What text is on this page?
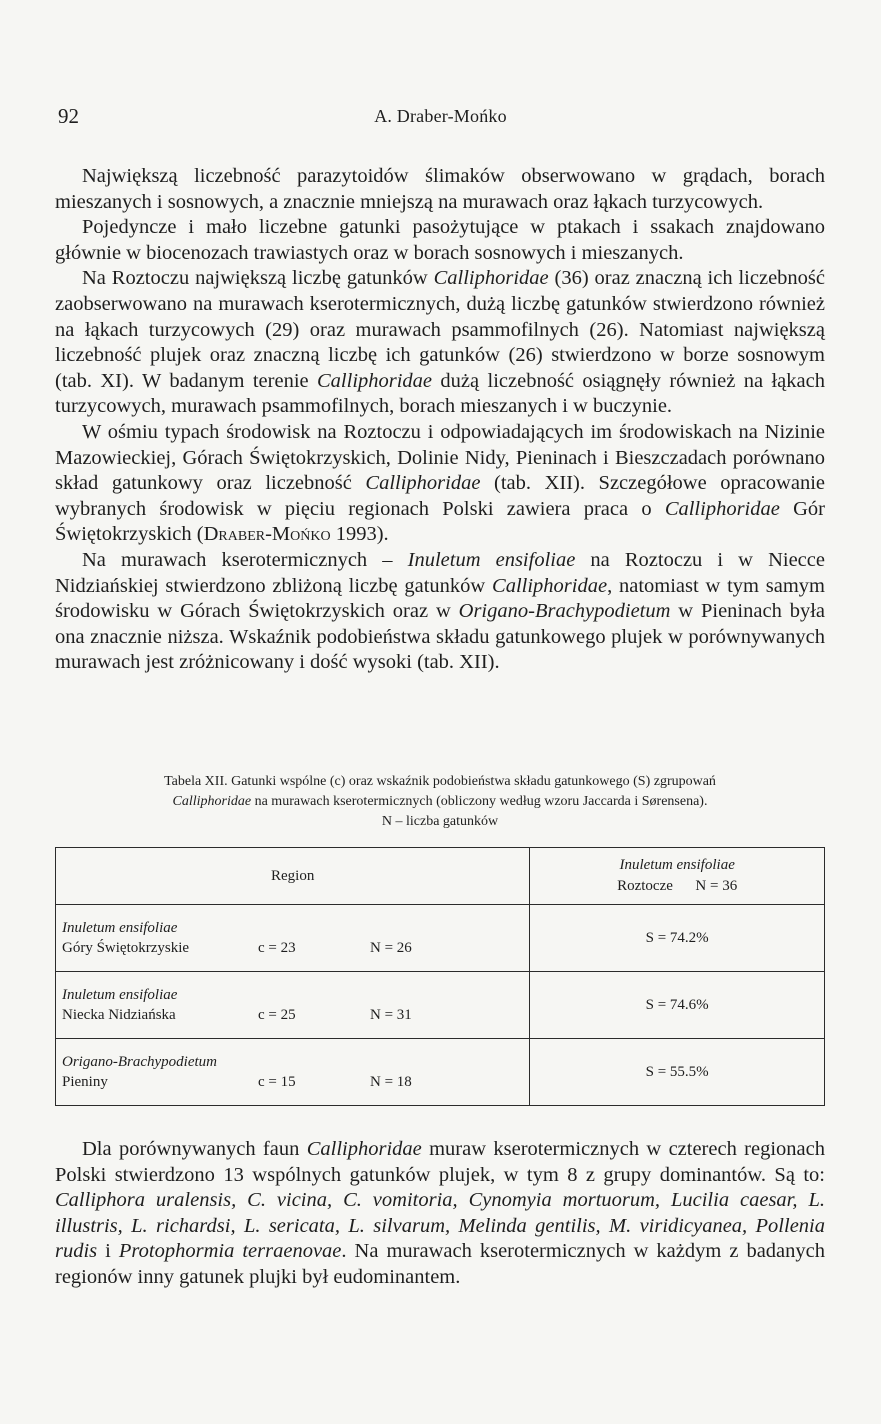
92	A. Draber-Mońko

Największą liczebność parazytoidów ślimaków obserwowano w grądach, borach mieszanych i sosnowych, a znacznie mniejszą na murawach oraz łąkach turzycowych.

Pojedyncze i mało liczebne gatunki pasożytujące w ptakach i ssakach znajdowano głównie w biocenozach trawiastych oraz w borach sosnowych i mieszanych.

Na Roztoczu największą liczbę gatunków Calliphoridae (36) oraz znaczną ich liczebność zaobserwowano na murawach kserotermicznych, dużą liczbę gatunków stwierdzono również na łąkach turzycowych (29) oraz murawach psammofilnych (26). Natomiast największą liczebność plujek oraz znaczną liczbę ich gatunków (26) stwierdzono w borze sosnowym (tab. XI). W badanym terenie Calliphoridae dużą liczebność osiągnęły również na łąkach turzycowych, murawach psammofilnych, borach mieszanych i w buczynie.

W ośmiu typach środowisk na Roztoczu i odpowiadających im środowiskach na Nizinie Mazowieckiej, Górach Świętokrzyskich, Dolinie Nidy, Pieninach i Bieszczadach porównano skład gatunkowy oraz liczebność Calliphoridae (tab. XII). Szczegółowe opracowanie wybranych środowisk w pięciu regionach Polski zawiera praca o Calliphoridae Gór Świętokrzyskich (Draber-Mońko 1993).

Na murawach kserotermicznych – Inuletum ensifoliae na Roztoczu i w Niecce Nidziańskiej stwierdzono zbliżoną liczbę gatunków Calliphoridae, natomiast w tym samym środowisku w Górach Świętokrzyskich oraz w Origano-Brachypodietum w Pieninach była ona znacznie niższa. Wskaźnik podobieństwa składu gatunkowego plujek w porównywanych murawach jest zróżnicowany i dość wysoki (tab. XII).

Tabela XII. Gatunki wspólne (c) oraz wskaźnik podobieństwa składu gatunkowego (S) zgrupowań
Calliphoridae na murawach kserotermicznych (obliczony według wzoru Jaccarda i Sørensena).
N – liczba gatunków
Region	Inuletum ensifoliae
Roztocze      N = 36

Inuletum ensifoliae
Góry Świętokrzyskie c = 23 N = 26	S = 74.2%

Inuletum ensifoliae
Niecka Nidziańska c = 25 N = 31	S = 74.6%

Origano-Brachypodietum
Pieniny c = 15 N = 18	S = 55.5%

Dla porównywanych faun Calliphoridae muraw kserotermicznych w czterech regionach Polski stwierdzono 13 wspólnych gatunków plujek, w tym 8 z grupy dominantów. Są to: Calliphora uralensis, C. vicina, C. vomitoria, Cynomyia mortuorum, Lucilia caesar, L. illustris, L. richardsi, L. sericata, L. silvarum, Melinda gentilis, M. viridicyanea, Pollenia rudis i Protophormia terraenovae. Na murawach kserotermicznych w każdym z badanych regionów inny gatunek plujki był eudominantem.
